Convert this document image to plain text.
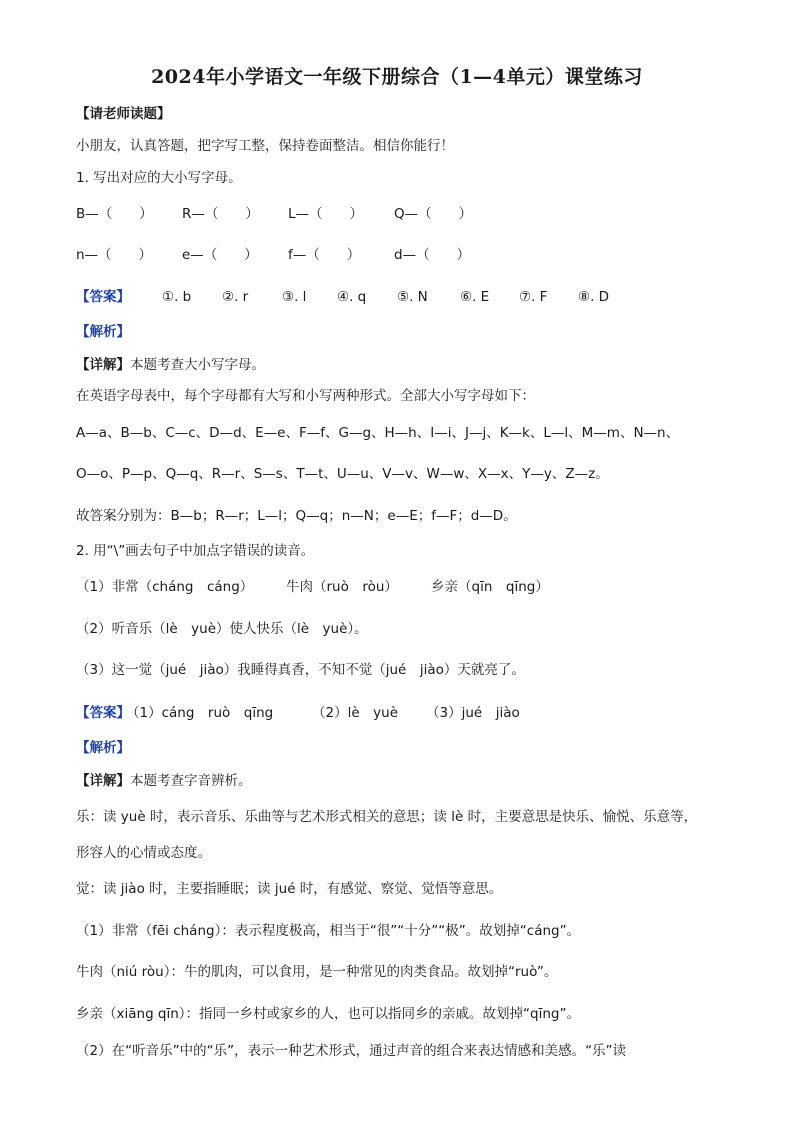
2024年小学语文一年级下册综合（1—4单元）课堂练习
【请老师读题】
小朋友，认真答题，把字写工整，保持卷面整洁。相信你能行！
1. 写出对应的大小写字母。
B—（　　） R—（　　） L—（　　） Q—（　　）
n—（　　） e—（　　） f—（　　） d—（　　）
【答案】 ①. b ②. r	③. l ④. q ⑤. N ⑥. E ⑦. F ⑧. D
【解析】
【详解】本题考查大小写字母。
在英语字母表中，每个字母都有大写和小写两种形式。全部大小写字母如下：
A—a、B—b、C—c、D—d、E—e、F—f、G—g、H—h、I—i、J—j、K—k、L—l、M—m、N—n、
O—o、P—p、Q—q、R—r、S—s、T—t、U—u、V—v、W—w、X—x、Y—y、Z—z。
故答案分别为：B—b；R—r；L—l；Q—q；n—N；e—E；f—F；d—D。
2. 用“\”画去句子中加点字错误的读音。
（1）非常（cháng　cáng） 牛肉（ruò　ròu） 乡亲（qīn　qīng）
（2）听音乐（lè　yuè）使人快乐（lè　yuè）。
（3）这一觉（jué　jiào）我睡得真香，不知不觉（jué　jiào）天就亮了。
【答案】
（1）cáng　ruò　qīng	（2）lè　yuè （3）jué　jiào
【解析】
【详解】本题考查字音辨析。
乐：读 yuè 时，表示音乐、乐曲等与艺术形式相关的意思；读 lè 时，主要意思是快乐、愉悦、乐意等，
形容人的心情或态度。
觉：读 jiào 时，主要指睡眠；读 jué 时，有感觉、察觉、觉悟等意思。
（1）非常（fēi cháng）：表示程度极高，相当于“很”“十分”“极”。故划掉“cáng”。
牛肉（niú ròu）：牛的肌肉，可以食用，是一种常见的肉类食品。故划掉“ruò”。
乡亲（xiāng qīn）：指同一乡村或家乡的人，也可以指同乡的亲戚。故划掉“qīng”。
（2）在“听音乐”中的“乐”，表示一种艺术形式，通过声音的组合来表达情感和美感。“乐”读
